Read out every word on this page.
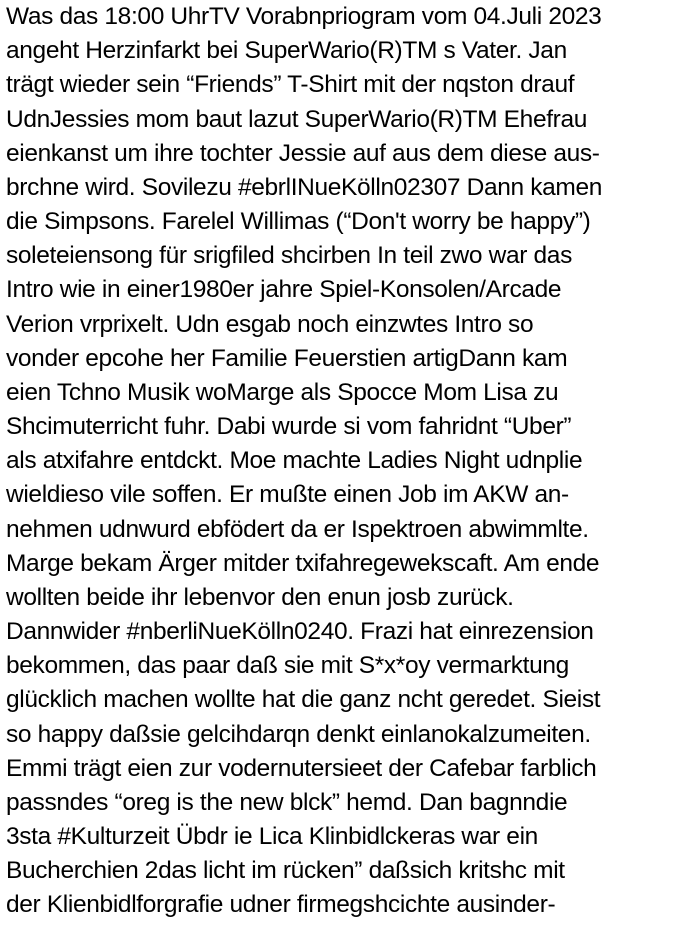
Was das 18:00 UhrTV Vorabnpriogram vom 04.Juli 2023
angeht Herzinfarkt bei SuperWario(R)TM s Vater. Jan
trägt wieder sein “Friends” T-Shirt mit der nqston drauf
UdnJessies mom baut lazut SuperWario(R)TM Ehefrau
eienkanst um ihre tochter Jessie auf aus dem diese aus-
brchne wird. Sovilezu #ebrlINueKölln02307 Dann kamen
die Simpsons. Farelel Willimas (“Don't worry be happy”)
soleteiensong für srigfiled shcirben In teil zwo war das
Intro wie in einer1980er jahre Spiel-Konsolen/Arcade
Verion vrprixelt. Udn esgab noch einzwtes Intro so
vonder epcohe her Familie Feuerstien artigDann kam
eien Tchno Musik woMarge als Spocce Mom Lisa zu
Shcimuterricht fuhr. Dabi wurde si vom fahridnt “Uber”
als atxifahre entdckt. Moe machte Ladies Night udnplie
wieldieso vile soffen. Er mußte einen Job im AKW an-
nehmen udnwurd ebfödert da er Ispektroen abwimmlte.
Marge bekam Ärger mitder txifahregewekscaft. Am ende
wollten beide ihr lebenvor den enun josb zurück.
Dannwider #nberliNueKölln0240. Frazi hat einrezension
bekommen, das paar daß sie mit S*x*oy vermarktung
glücklich machen wollte hat die ganz ncht geredet. Sieist
so happy daßsie gelcihdarqn denkt einlanokalzumeiten.
Emmi trägt eien zur vodernutersieet der Cafebar farblich
passndes “oreg is the new blck” hemd. Dan bagnndie
3sta #Kulturzeit Übdr ie Lica Klinbidlckeras war ein
Bucherchien 2das licht im rücken” daßsich kritshc mit
der Klienbidlforgrafie udner firmegshcichte ausinder-
